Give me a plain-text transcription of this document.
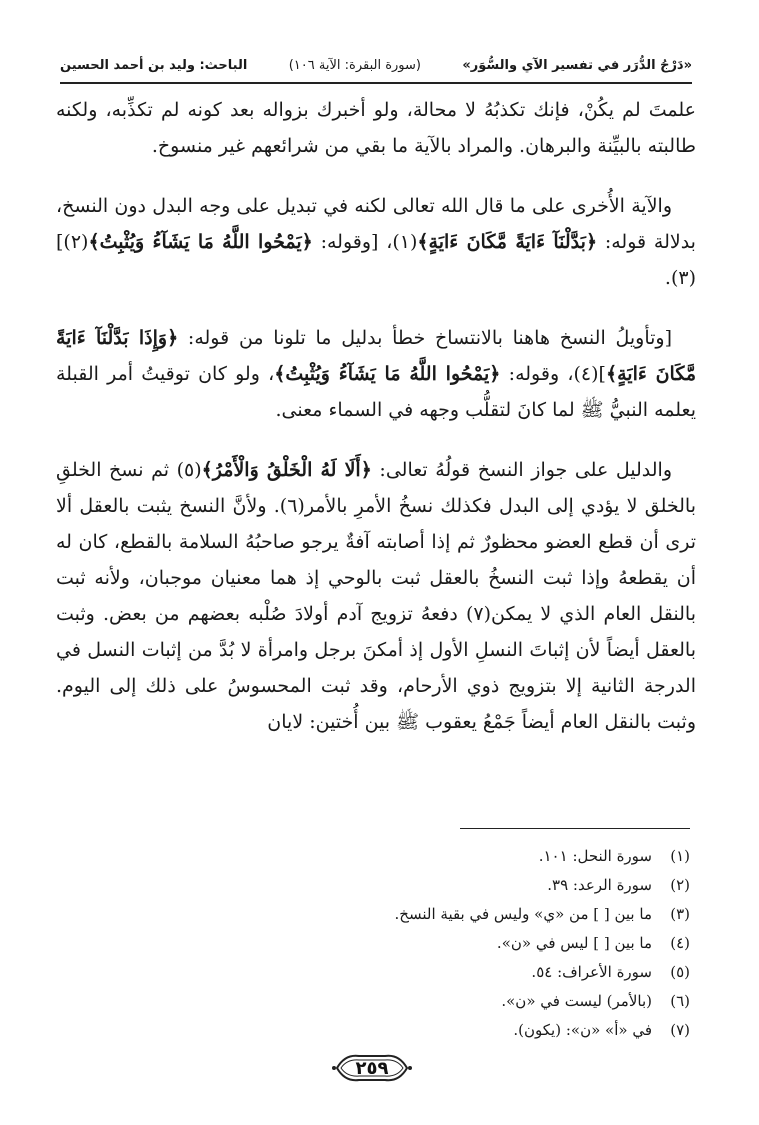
«دَرْجُ الدُّرَر في تفسير الآي والسُّوَر»
(سورة البقرة: الآية ١٠٦)
الباحث: وليد بن أحمد الحسين

علمتَ لم يكُنْ، فإنك تكذبُهُ لا محالة، ولو أخبرك بزواله بعد كونه لم تكذِّبه، ولكنه طالبته بالبيِّنة والبرهان. والمراد بالآية ما بقي من شرائعهم غير منسوخ.

والآية الأُخرى على ما قال الله تعالى لكنه في تبديل على وجه البدل دون النسخ، بدلالة قوله: ﴿بَدَّلْنَآ ءَايَةً مَّكَانَ ءَايَةٍ﴾(١)، [وقوله: ﴿يَمْحُوا اللَّهُ مَا يَشَآءُ وَيُثْبِتُ﴾(٢)](٣).

[وتأويلُ النسخ هاهنا بالانتساخ خطأ بدليل ما تلونا من قوله: ﴿وَإِذَا بَدَّلْنَآ ءَايَةً مَّكَانَ ءَايَةٍ﴾](٤)، وقوله: ﴿يَمْحُوا اللَّهُ مَا يَشَآءُ وَيُثْبِتُ﴾، ولو كان توقيتُ أمر القبلة يعلمه النبيُّ ﷺ لما كانَ لتقلُّب وجهه في السماء معنى.

والدليل على جواز النسخ قولُهُ تعالى: ﴿أَلَا لَهُ الْخَلْقُ وَالْأَمْرُ﴾(٥) ثم نسخ الخلقِ بالخلق لا يؤدي إلى البدل فكذلك نسخُ الأمرِ بالأمر(٦). ولأنَّ النسخ يثبت بالعقل ألا ترى أن قطع العضو محظورٌ ثم إذا أصابته آفةٌ يرجو صاحبُهُ السلامة بالقطع، كان له أن يقطعهُ وإذا ثبت النسخُ بالعقل ثبت بالوحي إذ هما معنيان موجبان، ولأنه ثبت بالنقل العام الذي لا يمكن(٧) دفعهُ تزويج آدم أولادَ صُلْبه بعضهم من بعض. وثبت بالعقل أيضاً لأن إثباتَ النسلِ الأول إذ أمكنَ برجل وامرأة لا بُدَّ من إثبات النسل في الدرجة الثانية إلا بتزويج ذوي الأرحام، وقد ثبت المحسوسُ على ذلك إلى اليوم. وثبت بالنقل العام أيضاً جَمْعُ يعقوب ﷺ بين أُختين: لايان

(١)
سورة النحل: ١٠١.
(٢)
سورة الرعد: ٣٩.
(٣)
ما بين [ ] من «ي» وليس في بقية النسخ.
(٤)
ما بين [ ] ليس في «ن».
(٥)
سورة الأعراف: ٥٤.
(٦)
(بالأمر) ليست في «ن».
(٧)
في «أ» «ن»: (يكون).
٢٥٩
